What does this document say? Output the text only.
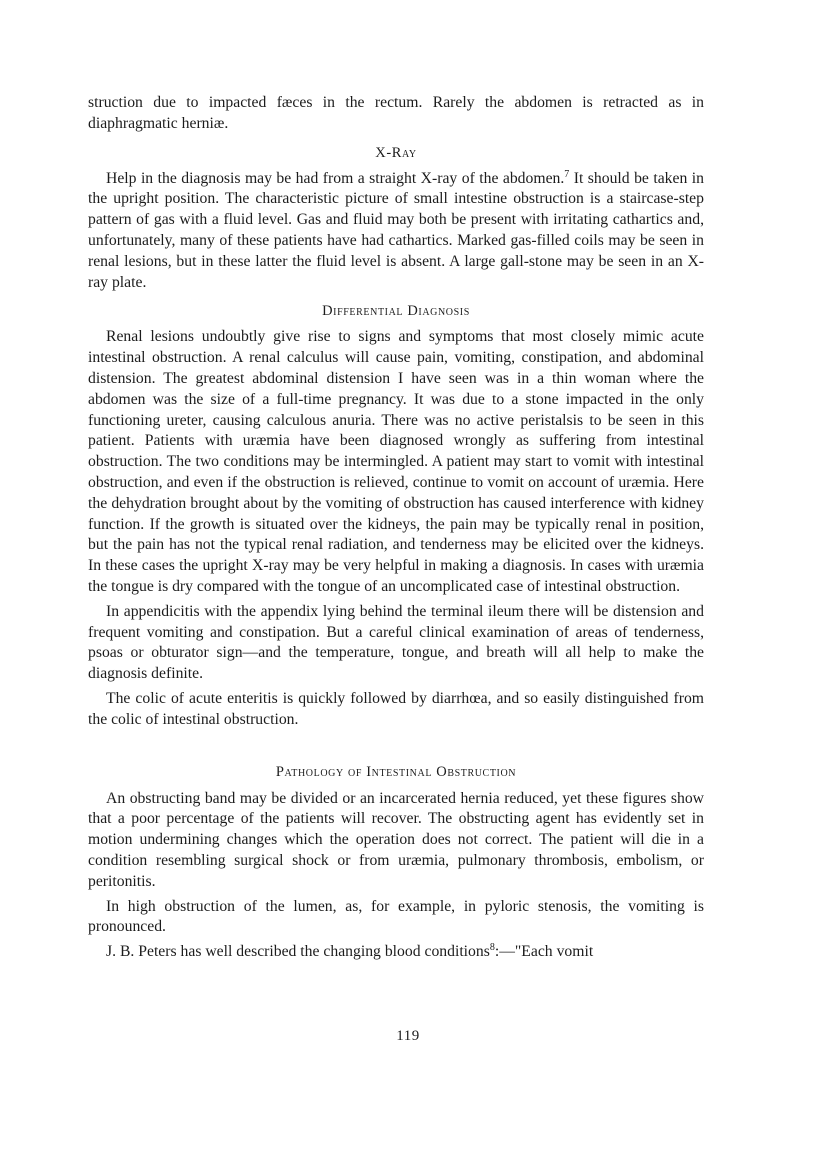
struction due to impacted fæces in the rectum. Rarely the abdomen is retracted as in diaphragmatic herniæ.

X-Ray

Help in the diagnosis may be had from a straight X-ray of the abdomen.$^7$ It should be taken in the upright position. The characteristic picture of small intestine obstruction is a staircase-step pattern of gas with a fluid level. Gas and fluid may both be present with irritating cathartics and, unfortunately, many of these patients have had cathartics. Marked gas-filled coils may be seen in renal lesions, but in these latter the fluid level is absent. A large gall-stone may be seen in an X-ray plate.

Differential Diagnosis

Renal lesions undoubtly give rise to signs and symptoms that most closely mimic acute intestinal obstruction. A renal calculus will cause pain, vomiting, constipation, and abdominal distension. The greatest abdominal distension I have seen was in a thin woman where the abdomen was the size of a full-time pregnancy. It was due to a stone impacted in the only functioning ureter, causing calculous anuria. There was no active peristalsis to be seen in this patient. Patients with uræmia have been diagnosed wrongly as suffering from intestinal obstruction. The two conditions may be intermingled. A patient may start to vomit with intestinal obstruction, and even if the obstruction is relieved, continue to vomit on account of uræmia. Here the dehydration brought about by the vomiting of obstruction has caused interference with kidney function. If the growth is situated over the kidneys, the pain may be typically renal in position, but the pain has not the typical renal radiation, and tenderness may be elicited over the kidneys. In these cases the upright X-ray may be very helpful in making a diagnosis. In cases with uræmia the tongue is dry compared with the tongue of an uncomplicated case of intestinal obstruction.

In appendicitis with the appendix lying behind the terminal ileum there will be distension and frequent vomiting and constipation. But a careful clinical examination of areas of tenderness, psoas or obturator sign—and the temperature, tongue, and breath will all help to make the diagnosis definite.

The colic of acute enteritis is quickly followed by diarrhœa, and so easily distinguished from the colic of intestinal obstruction.

Pathology of Intestinal Obstruction

An obstructing band may be divided or an incarcerated hernia reduced, yet these figures show that a poor percentage of the patients will recover. The obstructing agent has evidently set in motion undermining changes which the operation does not correct. The patient will die in a condition resembling surgical shock or from uræmia, pulmonary thrombosis, embolism, or peritonitis.

In high obstruction of the lumen, as, for example, in pyloric stenosis, the vomiting is pronounced.

J. B. Peters has well described the changing blood conditions$^8$:—"Each vomit

119
